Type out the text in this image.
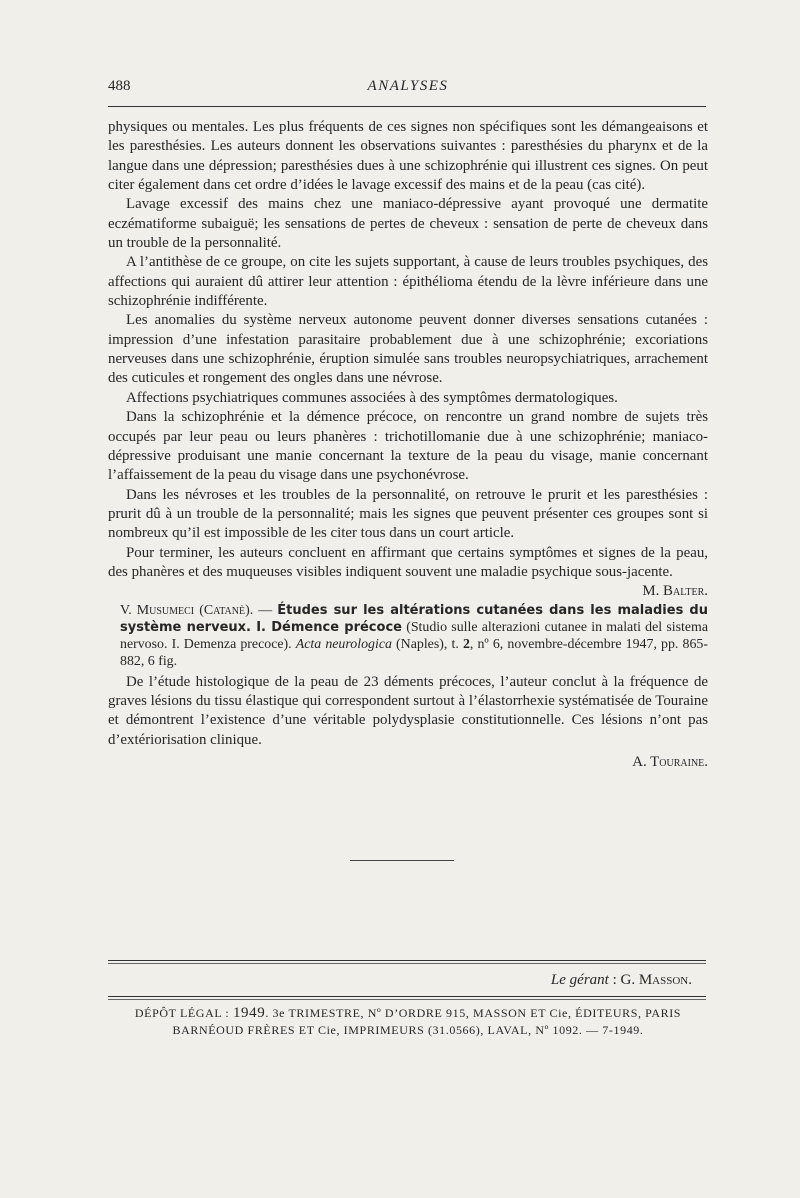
488	ANALYSES

physiques ou mentales. Les plus fréquents de ces signes non spécifiques sont les démangeaisons et les paresthésies. Les auteurs donnent les observations suivantes : paresthésies du pharynx et de la langue dans une dépression; paresthésies dues à une schizophrénie qui illustrent ces signes. On peut citer également dans cet ordre d’idées le lavage excessif des mains et de la peau (cas cité).

Lavage excessif des mains chez une maniaco-dépressive ayant provoqué une dermatite eczématiforme subaiguë; les sensations de pertes de cheveux : sensation de perte de cheveux dans un trouble de la personnalité.

A l’antithèse de ce groupe, on cite les sujets supportant, à cause de leurs troubles psychiques, des affections qui auraient dû attirer leur attention : épithélioma étendu de la lèvre inférieure dans une schizophrénie indifférente.

Les anomalies du système nerveux autonome peuvent donner diverses sensations cutanées : impression d’une infestation parasitaire probablement due à une schizophrénie; excoriations nerveuses dans une schizophrénie, éruption simulée sans troubles neuropsychiatriques, arrachement des cuticules et rongement des ongles dans une névrose.

Affections psychiatriques communes associées à des symptômes dermatologiques.

Dans la schizophrénie et la démence précoce, on rencontre un grand nombre de sujets très occupés par leur peau ou leurs phanères : trichotillomanie due à une schizophrénie; maniaco-dépressive produisant une manie concernant la texture de la peau du visage, manie concernant l’affaissement de la peau du visage dans une psychonévrose.

Dans les névroses et les troubles de la personnalité, on retrouve le prurit et les paresthésies : prurit dû à un trouble de la personnalité; mais les signes que peuvent présenter ces groupes sont si nombreux qu’il est impossible de les citer tous dans un court article.

Pour terminer, les auteurs concluent en affirmant que certains symptômes et signes de la peau, des phanères et des muqueuses visibles indiquent souvent une maladie psychique sous-jacente.

M. Balter.

V. Musumeci (Catanè). — Études sur les altérations cutanées dans les maladies du système nerveux. I. Démence précoce (Studio sulle alterazioni cutanee in malati del sistema nervoso. I. Demenza precoce). Acta neurologica (Naples), t. 2, nº 6, novembre-décembre 1947, pp. 865-882, 6 fig.

De l’étude histologique de la peau de 23 déments précoces, l’auteur conclut à la fréquence de graves lésions du tissu élastique qui correspondent surtout à l’élastorrhexie systématisée de Touraine et démontrent l’existence d’une véritable polydysplasie constitutionnelle. Ces lésions n’ont pas d’extériorisation clinique.

A. Touraine.

Le gérant : G. Masson.
DÉPÔT LÉGAL : 1949. 3e TRIMESTRE, Nº D’ORDRE 915, MASSON ET Cie, ÉDITEURS, PARIS
BARNÉOUD FRÈRES ET Cie, IMPRIMEURS (31.0566), LAVAL, Nº 1092. — 7-1949.
